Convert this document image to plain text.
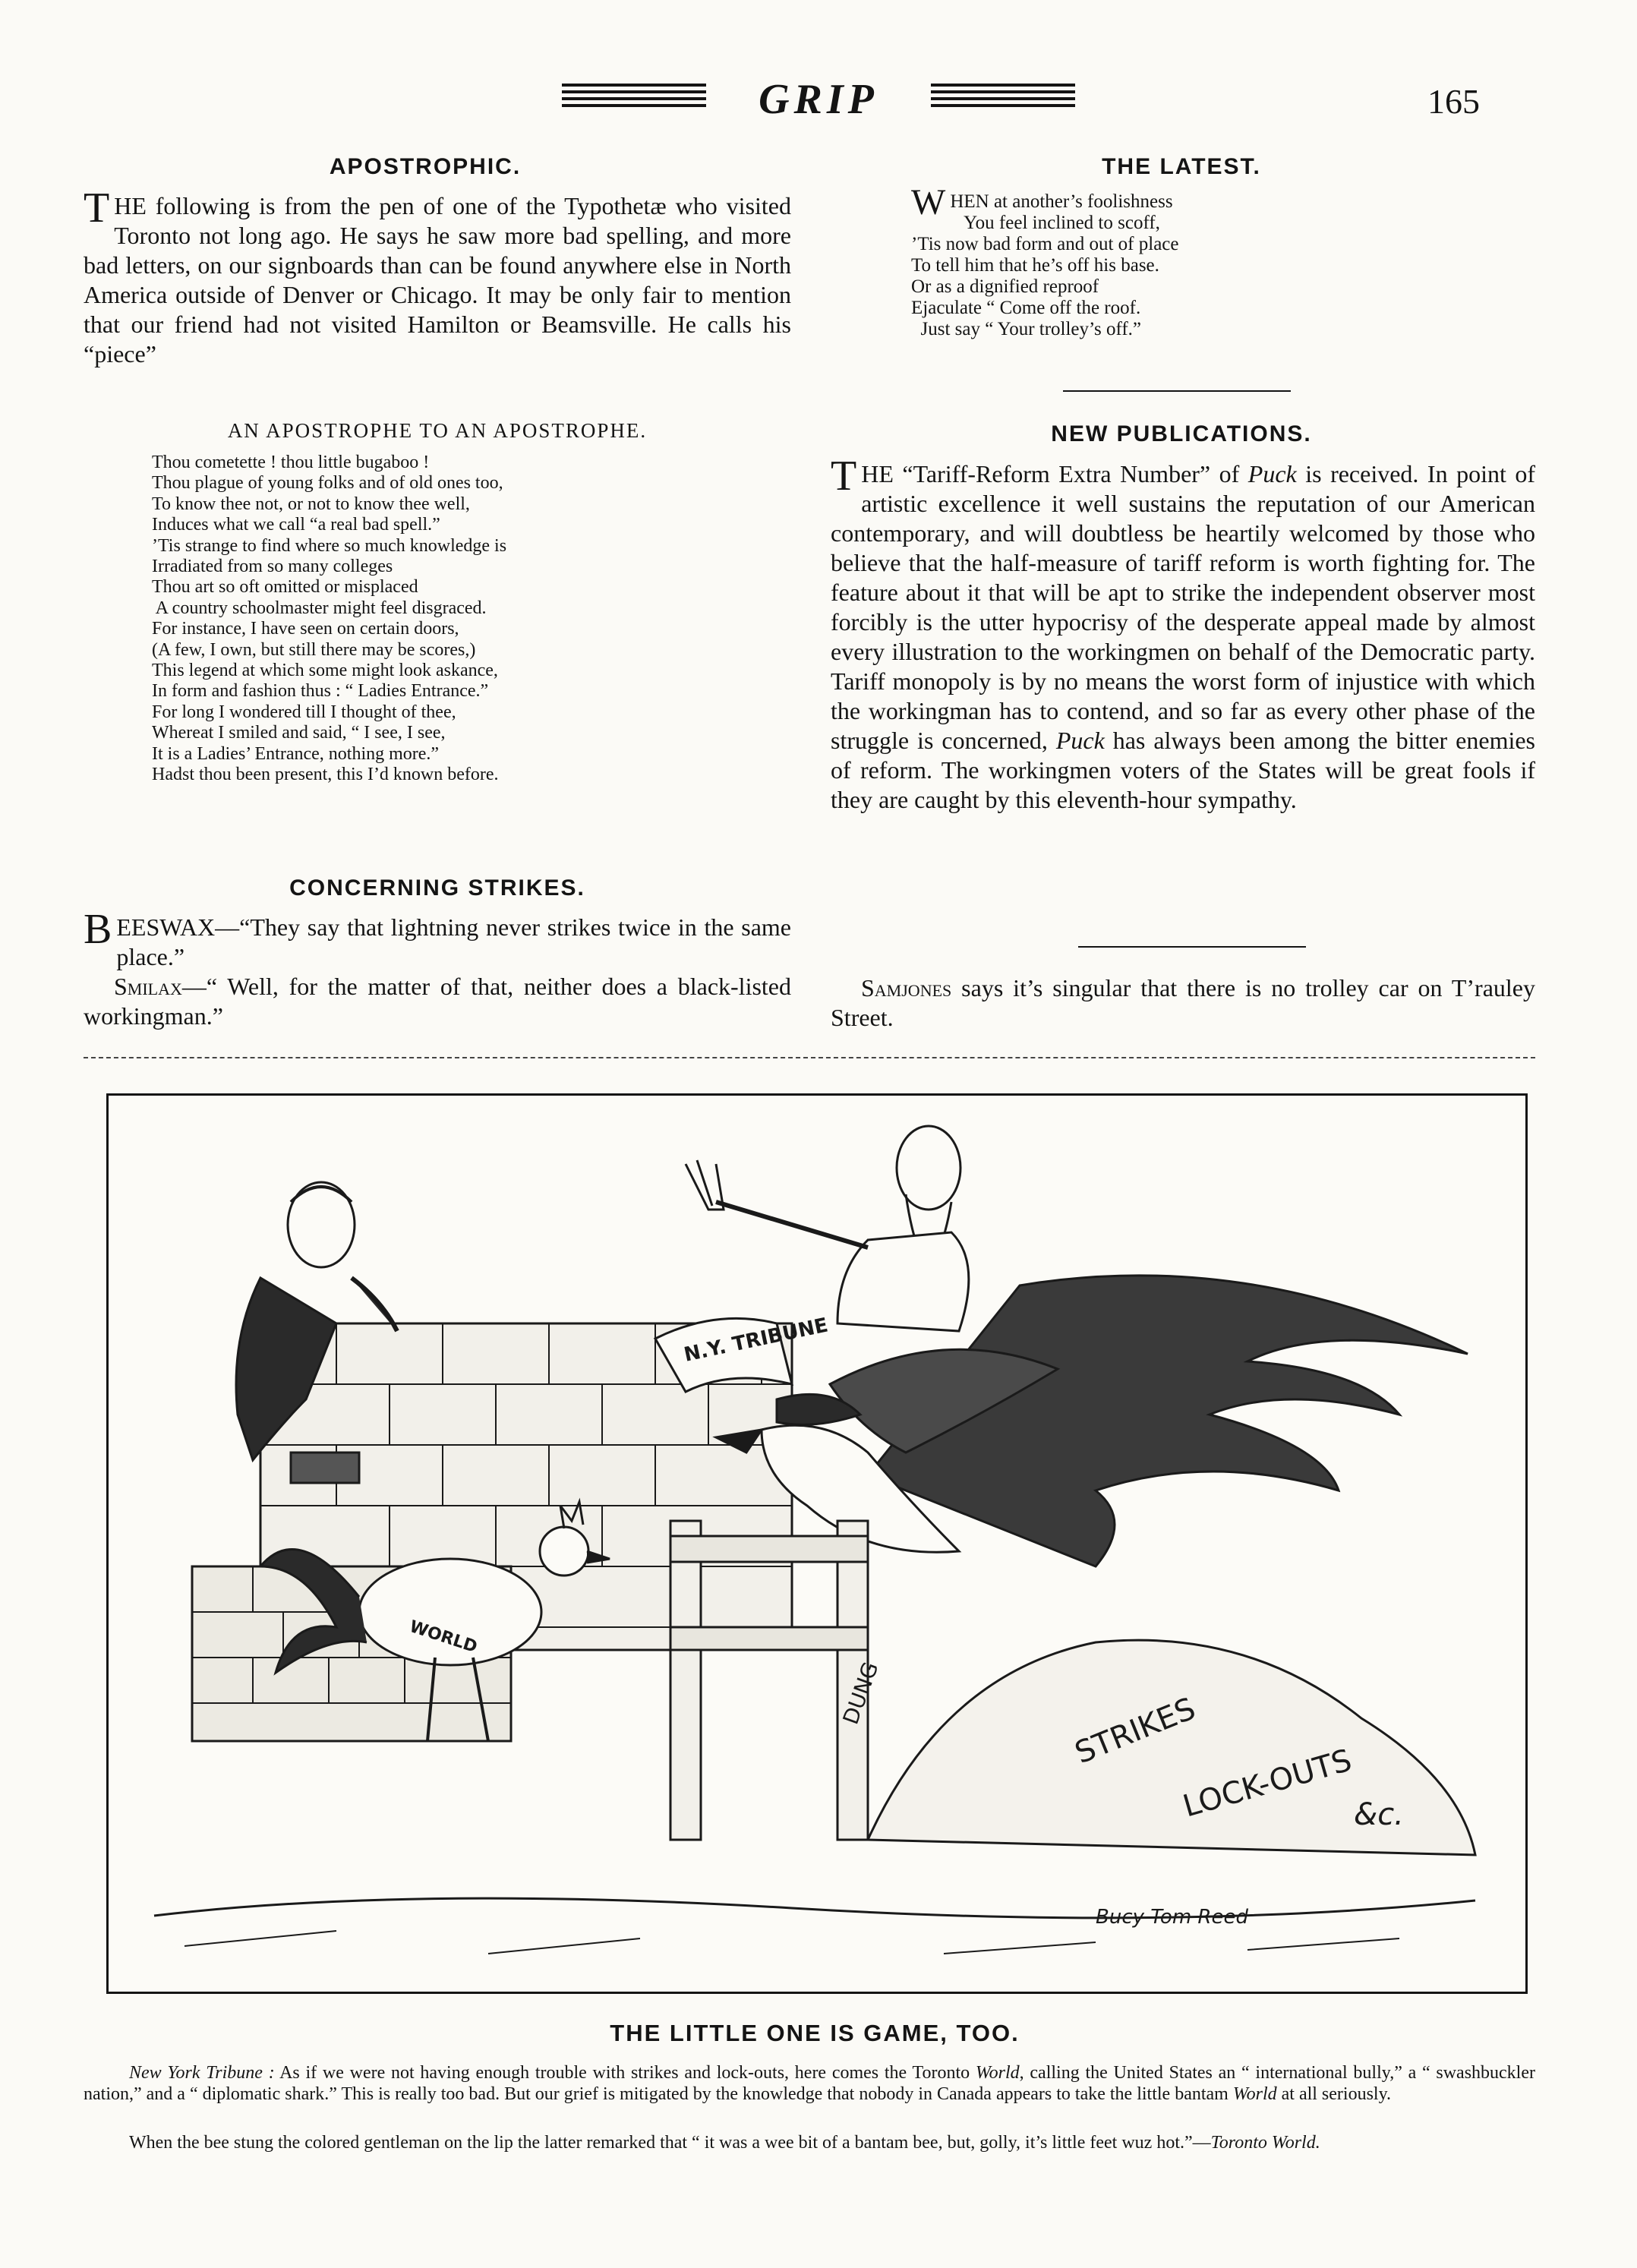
GRIP	165
APOSTROPHIC.

THE following is from the pen of one of the Typothetæ who visited Toronto not long ago. He says he saw more bad spelling, and more bad letters, on our signboards than can be found anywhere else in North America outside of Denver or Chicago. It may be only fair to mention that our friend had not visited Hamilton or Beamsville. He calls his “piece”

AN APOSTROPHE TO AN APOSTROPHE.
Thou cometette ! thou little bugaboo !
Thou plague of young folks and of old ones too,
To know thee not, or not to know thee well,
Induces what we call “a real bad spell.”
’Tis strange to find where so much knowledge is
Irradiated from so many colleges
Thou art so oft omitted or misplaced
A country schoolmaster might feel disgraced.
For instance, I have seen on certain doors,
(A few, I own, but still there may be scores,)
This legend at which some might look askance,
In form and fashion thus : “ Ladies Entrance.”
For long I wondered till I thought of thee,
Whereat I smiled and said, “ I see, I see,
It is a Ladies’ Entrance, nothing more.”
Hadst thou been present, this I’d known before.
CONCERNING STRIKES.

BEESWAX—“They say that lightning never strikes twice in the same place.”
Smilax—“ Well, for the matter of that, neither does a black-listed workingman.”

THE LATEST.
W HEN at another’s foolishness
You feel inclined to scoff,
’Tis now bad form and out of place
To tell him that he’s off his base.
Or as a dignified reproof
Ejaculate “ Come off the roof.
Just say “ Your trolley’s off.”
NEW PUBLICATIONS.

THE “Tariff-Reform Extra Number” of Puck is received. In point of artistic excellence it well sustains the reputation of our American contemporary, and will doubtless be heartily welcomed by those who believe that the half-measure of tariff reform is worth fighting for. The feature about it that will be apt to strike the independent observer most forcibly is the utter hypocrisy of the desperate appeal made by almost every illustration to the workingmen on behalf of the Democratic party. Tariff monopoly is by no means the worst form of injustice with which the workingman has to contend, and so far as every other phase of the struggle is concerned, Puck has always been among the bitter enemies of reform. The workingmen voters of the States will be great fools if they are caught by this eleventh-hour sympathy.

Samjones says it’s singular that there is no trolley car on T’rauley Street.

N.Y. TRIBUNE
WORLD
DUNG	STRIKES
LOCK-OUTS
&c.
Bucy Tom Reed
THE LITTLE ONE IS GAME, TOO.

New York Tribune : As if we were not having enough trouble with strikes and lock-outs, here comes the Toronto World, calling the United States an “ international bully,” a “ swashbuckler nation,” and a “ diplomatic shark.” This is really too bad. But our grief is mitigated by the knowledge that nobody in Canada appears to take the little bantam World at all seriously.

When the bee stung the colored gentleman on the lip the latter remarked that “ it was a wee bit of a bantam bee, but, golly, it’s little feet wuz hot.”—Toronto World.
